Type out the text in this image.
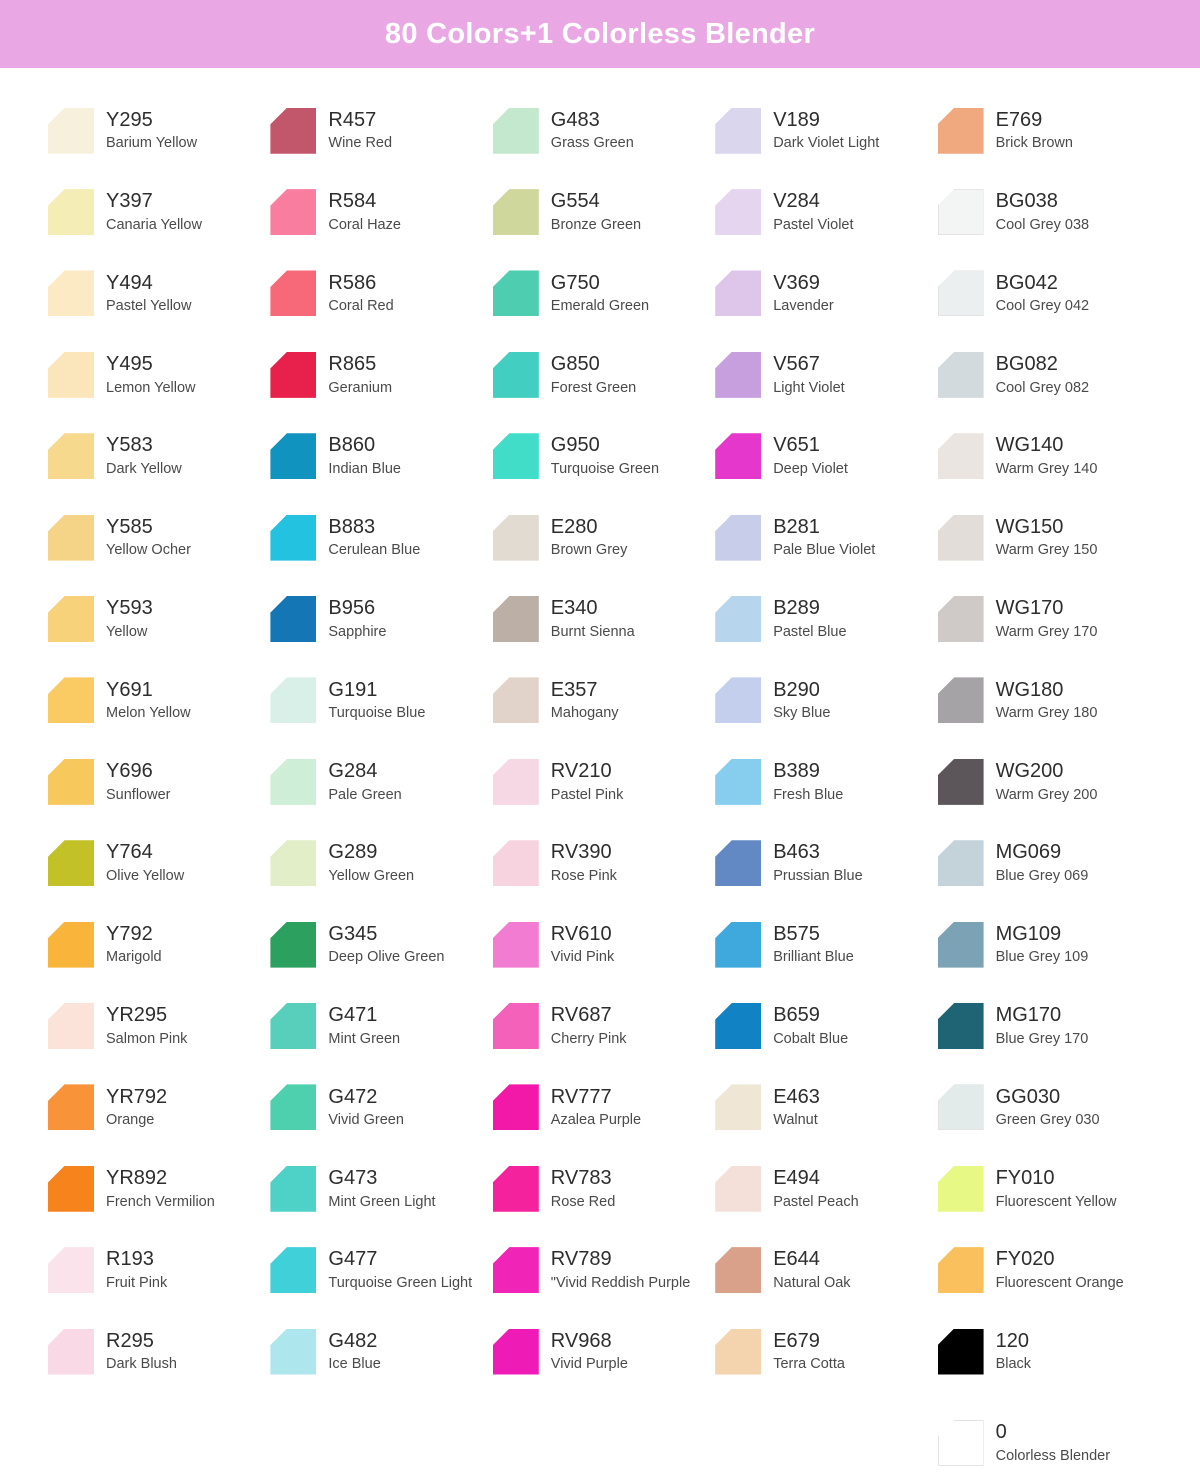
80 Colors+1 Colorless Blender
Y295
Barium Yellow
Y397
Canaria Yellow
Y494
Pastel Yellow
Y495
Lemon Yellow
Y583
Dark Yellow
Y585
Yellow Ocher
Y593
Yellow
Y691
Melon Yellow
Y696
Sunflower
Y764
Olive Yellow
Y792
Marigold
YR295
Salmon Pink
YR792
Orange
YR892
French Vermilion
R193
Fruit Pink
R295
Dark Blush
R457
Wine Red
R584
Coral Haze
R586
Coral Red
R865
Geranium
B860
Indian Blue
B883
Cerulean Blue
B956
Sapphire
G191
Turquoise Blue
G284
Pale Green
G289
Yellow Green
G345
Deep Olive Green
G471
Mint Green
G472
Vivid Green
G473
Mint Green Light
G477
Turquoise Green Light
G482
Ice Blue
G483
Grass Green
G554
Bronze Green
G750
Emerald Green
G850
Forest Green
G950
Turquoise Green
E280
Brown Grey
E340
Burnt Sienna
E357
Mahogany
RV210
Pastel Pink
RV390
Rose Pink
RV610
Vivid Pink
RV687
Cherry Pink
RV777
Azalea Purple
RV783
Rose Red
RV789
"Vivid Reddish Purple
RV968
Vivid Purple
V189
Dark Violet Light
V284
Pastel Violet
V369
Lavender
V567
Light Violet
V651
Deep Violet
B281
Pale Blue Violet
B289
Pastel Blue
B290
Sky Blue
B389
Fresh Blue
B463
Prussian Blue
B575
Brilliant Blue
B659
Cobalt Blue
E463
Walnut
E494
Pastel Peach
E644
Natural Oak
E679
Terra Cotta
E769
Brick Brown
BG038
Cool Grey 038
BG042
Cool Grey 042
BG082
Cool Grey 082
WG140
Warm Grey 140
WG150
Warm Grey 150
WG170
Warm Grey 170
WG180
Warm Grey 180
WG200
Warm Grey 200
MG069
Blue Grey 069
MG109
Blue Grey 109
MG170
Blue Grey 170
GG030
Green Grey 030
FY010
Fluorescent Yellow
FY020
Fluorescent Orange
120
Black
0
Colorless Blender
